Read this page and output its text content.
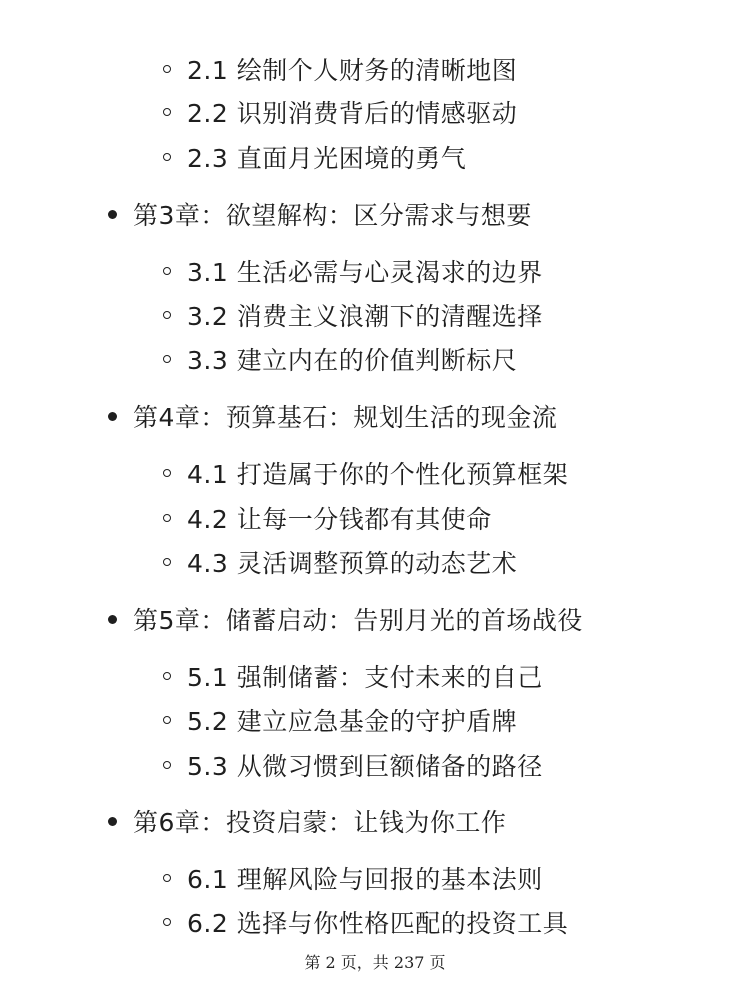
2.1 绘制个人财务的清晰地图
2.2 识别消费背后的情感驱动
2.3 直面月光困境的勇气
第3章：欲望解构：区分需求与想要
3.1 生活必需与心灵渴求的边界
3.2 消费主义浪潮下的清醒选择
3.3 建立内在的价值判断标尺
第4章：预算基石：规划生活的现金流
4.1 打造属于你的个性化预算框架
4.2 让每一分钱都有其使命
4.3 灵活调整预算的动态艺术
第5章：储蓄启动：告别月光的首场战役
5.1 强制储蓄：支付未来的自己
5.2 建立应急基金的守护盾牌
5.3 从微习惯到巨额储备的路径
第6章：投资启蒙：让钱为你工作
6.1 理解风险与回报的基本法则
6.2 选择与你性格匹配的投资工具
第 2 页，共 237 页
